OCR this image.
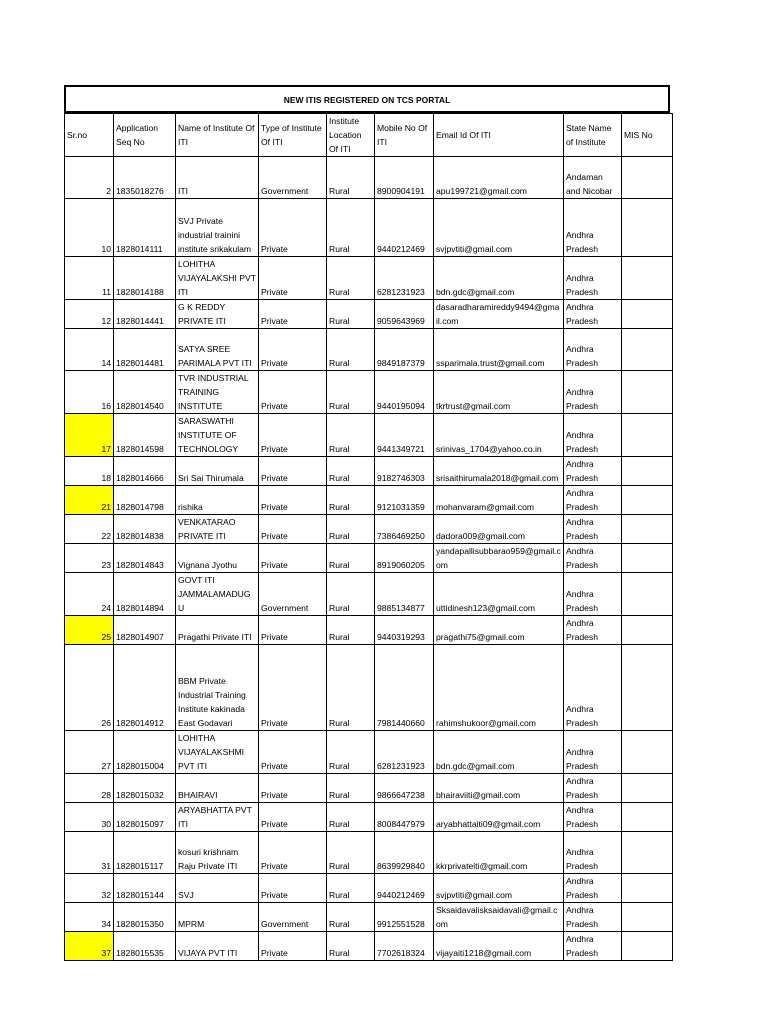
NEW ITIS REGISTERED ON TCS PORTAL
Sr.no	Application Seq No	Name of Institute Of ITI	Type of Institute Of ITI	Institute Location Of ITI	Mobile No Of ITI	Email Id Of ITI	State Name of Institute	MIS No
2	1835018276	ITI	Government	Rural	8900904191	apu199721@gmail.com	Andaman and Nicobar	
10	1828014111	SVJ Private industrial trainini institute srikakulam	Private	Rural	9440212469	svjpvtiti@gmail.com	Andhra Pradesh	
11	1828014188	LOHITHA VIJAYALAKSHI PVT ITI	Private	Rural	6281231923	bdn.gdc@gmail.com	Andhra Pradesh	
12	1828014441	G K REDDY PRIVATE ITI	Private	Rural	9059643969	dasaradharamireddy9494@gmail.com	Andhra Pradesh	
14	1828014481	SATYA SREE PARIMALA PVT ITI	Private	Rural	9849187379	ssparimala.trust@gmail.com	Andhra Pradesh	
16	1828014540	TVR INDUSTRIAL TRAINING INSTITUTE	Private	Rural	9440195094	tkrtrust@gmail.com	Andhra Pradesh	
17	1828014598	SARASWATHI INSTITUTE OF TECHNOLOGY	Private	Rural	9441349721	srinivas_1704@yahoo.co.in	Andhra Pradesh	
18	1828014666	Sri Sai Thirumala	Private	Rural	9182746303	srisaithirumala2018@gmail.com	Andhra Pradesh	
21	1828014798	rishika	Private	Rural	9121031359	mohanvaram@gmail.com	Andhra Pradesh	
22	1828014838	VENKATARAO PRIVATE ITI	Private	Rural	7386469250	dadora009@gmail.com	Andhra Pradesh	
23	1828014843	Vignana Jyothu	Private	Rural	8919060205	yandapallisubbarao959@gmail.com	Andhra Pradesh	
24	1828014894	GOVT ITI JAMMALAMADUGU	Government	Rural	9885134877	uttidinesh123@gmail.com	Andhra Pradesh	
25	1828014907	Pragathi Private ITI	Private	Rural	9440319293	pragathi75@gmail.com	Andhra Pradesh	
26	1828014912	BBM Private Industrial Training Institute kakinada East Godavari	Private	Rural	7981440660	rahimshukoor@gmail.com	Andhra Pradesh	
27	1828015004	LOHITHA VIJAYALAKSHMI PVT ITI	Private	Rural	6281231923	bdn.gdc@gmail.com	Andhra Pradesh	
28	1828015032	BHAIRAVI	Private	Rural	9866647238	bhairaviiti@gmail.com	Andhra Pradesh	
30	1828015097	ARYABHATTA PVT ITI	Private	Rural	8008447979	aryabhattaiti09@gmail.com	Andhra Pradesh	
31	1828015117	kosuri krishnam Raju Private ITI	Private	Rural	8639929840	kkrprivateiti@gmail.com	Andhra Pradesh	
32	1828015144	SVJ	Private	Rural	9440212469	svjpvtiti@gmail.com	Andhra Pradesh	
34	1828015350	MPRM	Government	Rural	9912551528	Sksaidavalisksaidavali@gmail.com	Andhra Pradesh	
37	1828015535	VIJAYA PVT ITI	Private	Rural	7702618324	vijayaiti1218@gmail.com	Andhra Pradesh	
